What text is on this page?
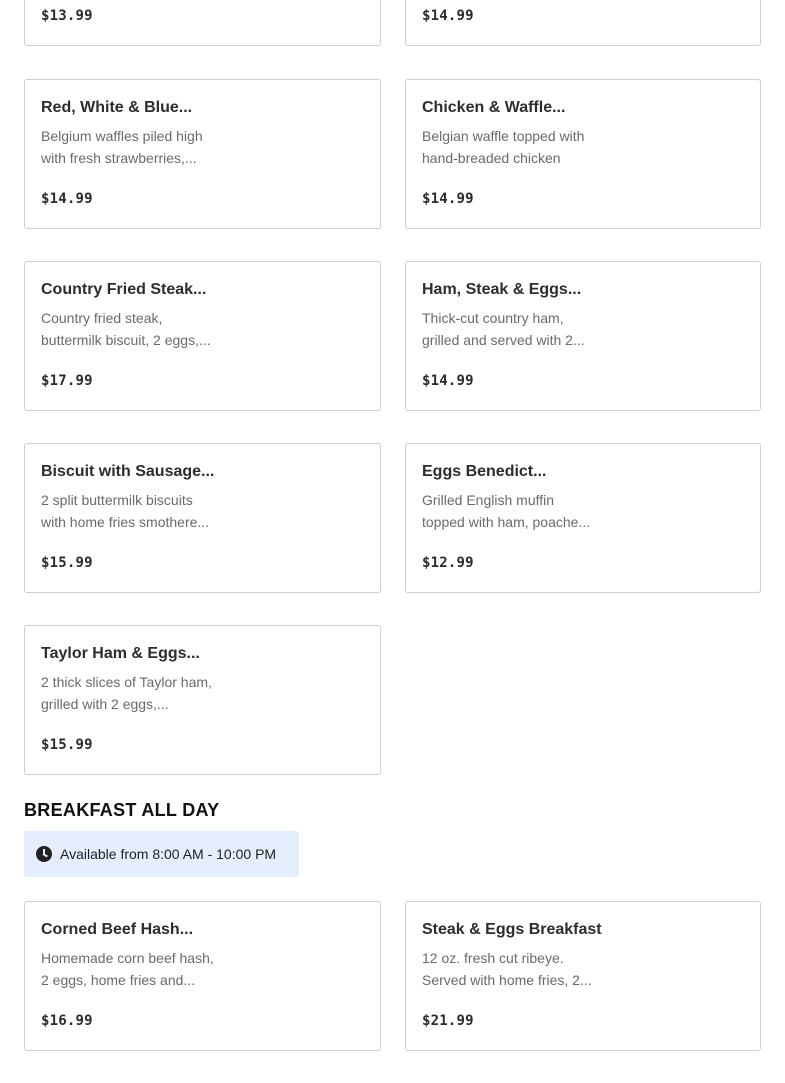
$13.99	$14.99
Red, White & Blue...
Belgium waffles piled high with fresh strawberries,...
$14.99
Chicken & Waffle...
Belgian waffle topped with hand-breaded chicken
$14.99
Country Fried Steak...
Country fried steak, buttermilk biscuit, 2 eggs,...
$17.99
Ham, Steak & Eggs...
Thick-cut country ham, grilled and served with 2...
$14.99
Biscuit with Sausage...
2 split buttermilk biscuits with home fries smothere...
$15.99
Eggs Benedict...
Grilled English muffin topped with ham, poache...
$12.99
Taylor Ham & Eggs...
2 thick slices of Taylor ham, grilled with 2 eggs,...
$15.99
BREAKFAST ALL DAY
Available from 8:00 AM - 10:00 PM
Corned Beef Hash...
Homemade corn beef hash, 2 eggs, home fries and...
$16.99
Steak & Eggs Breakfast
12 oz. fresh cut ribeye. Served with home fries, 2...
$21.99
